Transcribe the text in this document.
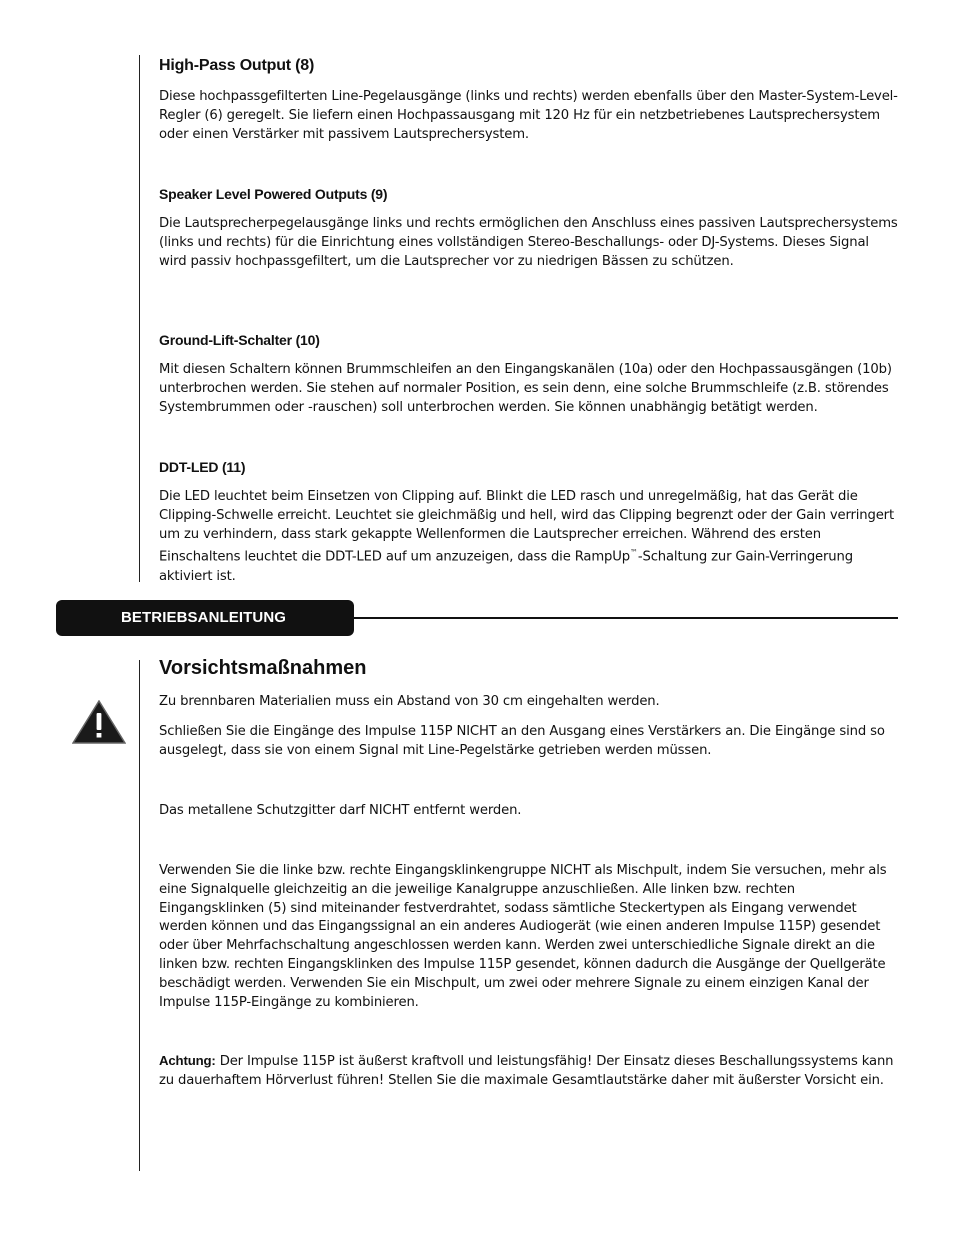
High-Pass Output (8)

Diese hochpassgefilterten Line-Pegelausgänge (links und rechts) werden ebenfalls über den Master-System-Level-Regler (6) geregelt. Sie liefern einen Hochpassausgang mit 120 Hz für ein netzbetriebenes Lautsprechersystem oder einen Verstärker mit passivem Lautsprechersystem.

Speaker Level Powered Outputs (9)

Die Lautsprecherpegelausgänge links und rechts ermöglichen den Anschluss eines passiven Lautsprechersystems (links und rechts) für die Einrichtung eines vollständigen Stereo-Beschallungs- oder DJ-Systems. Dieses Signal wird passiv hochpassgefiltert, um die Lautsprecher vor zu niedrigen Bässen zu schützen.

Ground-Lift-Schalter (10)

Mit diesen Schaltern können Brummschleifen an den Eingangskanälen (10a) oder den Hochpassausgängen (10b) unterbrochen werden. Sie stehen auf normaler Position, es sein denn, eine solche Brummschleife (z.B. störendes Systembrummen oder -rauschen) soll unterbrochen werden. Sie können unabhängig betätigt werden.

DDT-LED (11)

Die LED leuchtet beim Einsetzen von Clipping auf. Blinkt die LED rasch und unregelmäßig, hat das Gerät die Clipping-Schwelle erreicht. Leuchtet sie gleichmäßig und hell, wird das Clipping begrenzt oder der Gain verringert um zu verhindern, dass stark gekappte Wellenformen die Lautsprecher erreichen. Während des ersten Einschaltens leuchtet die DDT-LED auf um anzuzeigen, dass die RampUp™-Schaltung zur Gain-Verringerung aktiviert ist.

BETRIEBSANLEITUNG
Vorsichtsmaßnahmen

Zu brennbaren Materialien muss ein Abstand von 30 cm eingehalten werden.

Schließen Sie die Eingänge des Impulse 115P NICHT an den Ausgang eines Verstärkers an. Die Eingänge sind so ausgelegt, dass sie von einem Signal mit Line-Pegelstärke getrieben werden müssen.

Das metallene Schutzgitter darf NICHT entfernt werden.

Verwenden Sie die linke bzw. rechte Eingangsklinkengruppe NICHT als Mischpult, indem Sie versuchen, mehr als eine Signalquelle gleichzeitig an die jeweilige Kanalgruppe anzuschließen. Alle linken bzw. rechten Eingangsklinken (5) sind miteinander festverdrahtet, sodass sämtliche Steckertypen als Eingang verwendet werden können und das Eingangssignal an ein anderes Audiogerät (wie einen anderen Impulse 115P) gesendet oder über Mehrfachschaltung angeschlossen werden kann. Werden zwei unterschiedliche Signale direkt an die linken bzw. rechten Eingangsklinken des Impulse 115P gesendet, können dadurch die Ausgänge der Quellgeräte beschädigt werden. Verwenden Sie ein Mischpult, um zwei oder mehrere Signale zu einem einzigen Kanal der Impulse 115P-Eingänge zu kombinieren.

Achtung: Der Impulse 115P ist äußerst kraftvoll und leistungsfähig! Der Einsatz dieses Beschallungssystems kann zu dauerhaftem Hörverlust führen! Stellen Sie die maximale Gesamtlautstärke daher mit äußerster Vorsicht ein.
